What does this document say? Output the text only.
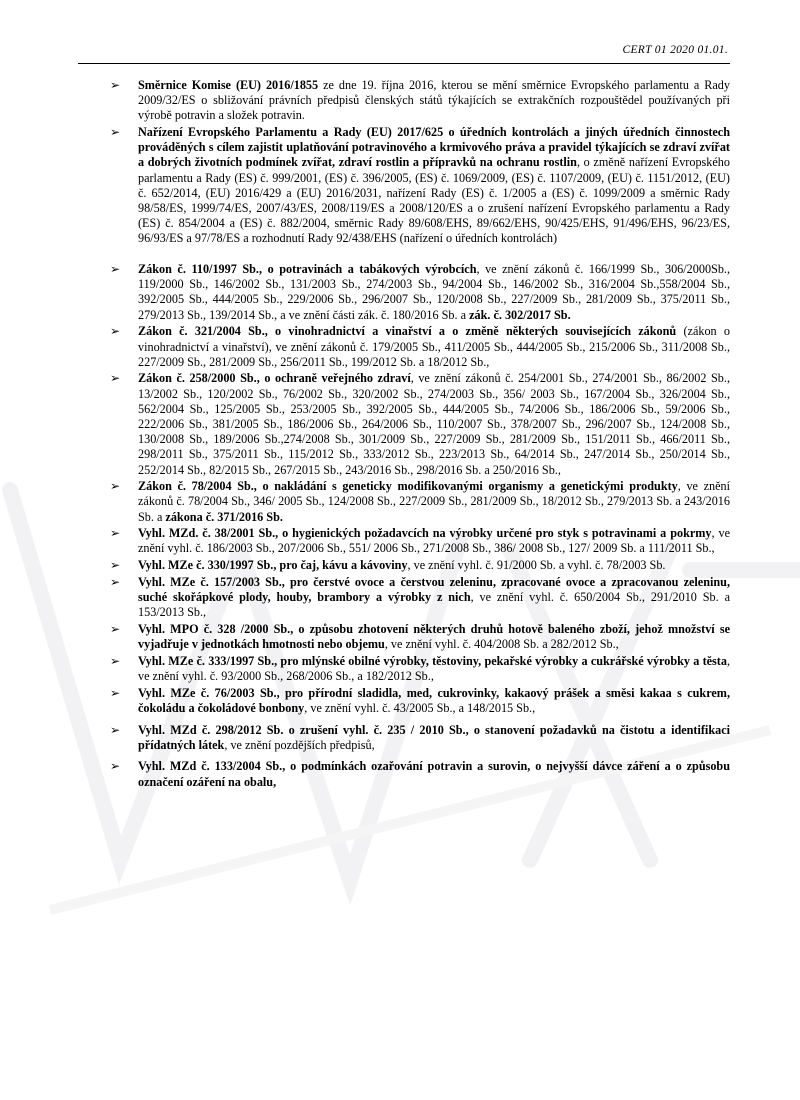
CERT 01 2020 01.01.
➢ Směrnice Komise (EU) 2016/1855 ze dne 19. října 2016, kterou se mění směrnice Evropského parlamentu a Rady 2009/32/ES o sbližování právních předpisů členských států týkajících se extrakčních rozpouštědel používaných při výrobě potravin a složek potravin.
➢ Nařízení Evropského Parlamentu a Rady (EU) 2017/625 o úředních kontrolách a jiných úředních činnostech prováděných s cílem zajistit uplatňování potravinového a krmivového práva a pravidel týkajících se zdraví zvířat a dobrých životních podmínek zvířat, zdraví rostlin a přípravků na ochranu rostlin, o změně nařízení Evropského parlamentu a Rady (ES) č. 999/2001, (ES) č. 396/2005, (ES) č. 1069/2009, (ES) č. 1107/2009, (EU) č. 1151/2012, (EU) č. 652/2014, (EU) 2016/429 a (EU) 2016/2031, nařízení Rady (ES) č. 1/2005 a (ES) č. 1099/2009 a směrnic Rady 98/58/ES, 1999/74/ES, 2007/43/ES, 2008/119/ES a 2008/120/ES a o zrušení nařízení Evropského parlamentu a Rady (ES) č. 854/2004 a (ES) č. 882/2004, směrnic Rady 89/608/EHS, 89/662/EHS, 90/425/EHS, 91/496/EHS, 96/23/ES, 96/93/ES a 97/78/ES a rozhodnutí Rady 92/438/EHS (nařízení o úředních kontrolách)
➢ Zákon č. 110/1997 Sb., o potravinách a tabákových výrobcích, ve znění zákonů č. 166/1999 Sb., 306/2000Sb., 119/2000 Sb., 146/2002 Sb., 131/2003 Sb., 274/2003 Sb., 94/2004 Sb., 146/2002 Sb., 316/2004 Sb.,558/2004 Sb., 392/2005 Sb., 444/2005 Sb., 229/2006 Sb., 296/2007 Sb., 120/2008 Sb., 227/2009 Sb., 281/2009 Sb., 375/2011 Sb., 279/2013 Sb., 139/2014 Sb., a ve znění části zák. č. 180/2016 Sb. a zák. č. 302/2017 Sb.
➢ Zákon č. 321/2004 Sb., o vinohradnictví a vinařství a o změně některých souvisejících zákonů (zákon o vinohradnictví a vinařství), ve znění zákonů č. 179/2005 Sb., 411/2005 Sb., 444/2005 Sb., 215/2006 Sb., 311/2008 Sb., 227/2009 Sb., 281/2009 Sb., 256/2011 Sb., 199/2012 Sb. a 18/2012 Sb.,
➢ Zákon č. 258/2000 Sb., o ochraně veřejného zdraví, ve znění zákonů č. 254/2001 Sb., 274/2001 Sb., 86/2002 Sb., 13/2002 Sb., 120/2002 Sb., 76/2002 Sb., 320/2002 Sb., 274/2003 Sb., 356/ 2003 Sb., 167/2004 Sb., 326/2004 Sb., 562/2004 Sb., 125/2005 Sb., 253/2005 Sb., 392/2005 Sb., 444/2005 Sb., 74/2006 Sb., 186/2006 Sb., 59/2006 Sb., 222/2006 Sb., 381/2005 Sb., 186/2006 Sb., 264/2006 Sb., 110/2007 Sb., 378/2007 Sb., 296/2007 Sb., 124/2008 Sb., 130/2008 Sb., 189/2006 Sb.,274/2008 Sb., 301/2009 Sb., 227/2009 Sb., 281/2009 Sb., 151/2011 Sb., 466/2011 Sb., 298/2011 Sb., 375/2011 Sb., 115/2012 Sb., 333/2012 Sb., 223/2013 Sb., 64/2014 Sb., 247/2014 Sb., 250/2014 Sb., 252/2014 Sb., 82/2015 Sb., 267/2015 Sb., 243/2016 Sb., 298/2016 Sb. a 250/2016 Sb.,
➢ Zákon č. 78/2004 Sb., o nakládání s geneticky modifikovanými organismy a genetickými produkty, ve znění zákonů č. 78/2004 Sb., 346/ 2005 Sb., 124/2008 Sb., 227/2009 Sb., 281/2009 Sb., 18/2012 Sb., 279/2013 Sb. a 243/2016 Sb. a zákona č. 371/2016 Sb.
➢ Vyhl. MZd. č. 38/2001 Sb., o hygienických požadavcích na výrobky určené pro styk s potravinami a pokrmy, ve znění vyhl. č. 186/2003 Sb., 207/2006 Sb., 551/ 2006 Sb., 271/2008 Sb., 386/ 2008 Sb., 127/ 2009 Sb. a 111/2011 Sb.,
➢ Vyhl. MZe č. 330/1997 Sb., pro čaj, kávu a kávoviny, ve znění vyhl. č. 91/2000 Sb. a vyhl. č. 78/2003 Sb.
➢ Vyhl. MZe č. 157/2003 Sb., pro čerstvé ovoce a čerstvou zeleninu, zpracované ovoce a zpracovanou zeleninu, suché skořápkové plody, houby, brambory a výrobky z nich, ve znění vyhl. č. 650/2004 Sb., 291/2010 Sb. a 153/2013 Sb.,
➢ Vyhl. MPO č. 328 /2000 Sb., o způsobu zhotovení některých druhů hotově baleného zboží, jehož množství se vyjadřuje v jednotkách hmotnosti nebo objemu, ve znění vyhl. č. 404/2008 Sb. a 282/2012 Sb.,
➢ Vyhl. MZe č. 333/1997 Sb., pro mlýnské obilné výrobky, těstoviny, pekařské výrobky a cukrářské výrobky a těsta, ve znění vyhl. č. 93/2000 Sb., 268/2006 Sb., a 182/2012 Sb.,
➢ Vyhl. MZe č. 76/2003 Sb., pro přírodní sladidla, med, cukrovinky, kakaový prášek a směsi kakaa s cukrem, čokoládu a čokoládové bonbony, ve znění vyhl. č. 43/2005 Sb., a 148/2015 Sb.,
➢ Vyhl. MZd č. 298/2012 Sb. o zrušení vyhl. č. 235 / 2010 Sb., o stanovení požadavků na čistotu a identifikaci přídatných látek, ve znění pozdějších předpisů,
➢ Vyhl. MZd č. 133/2004 Sb., o podmínkách ozařování potravin a surovin, o nejvyšší dávce záření a o způsobu označení ozáření na obalu,
